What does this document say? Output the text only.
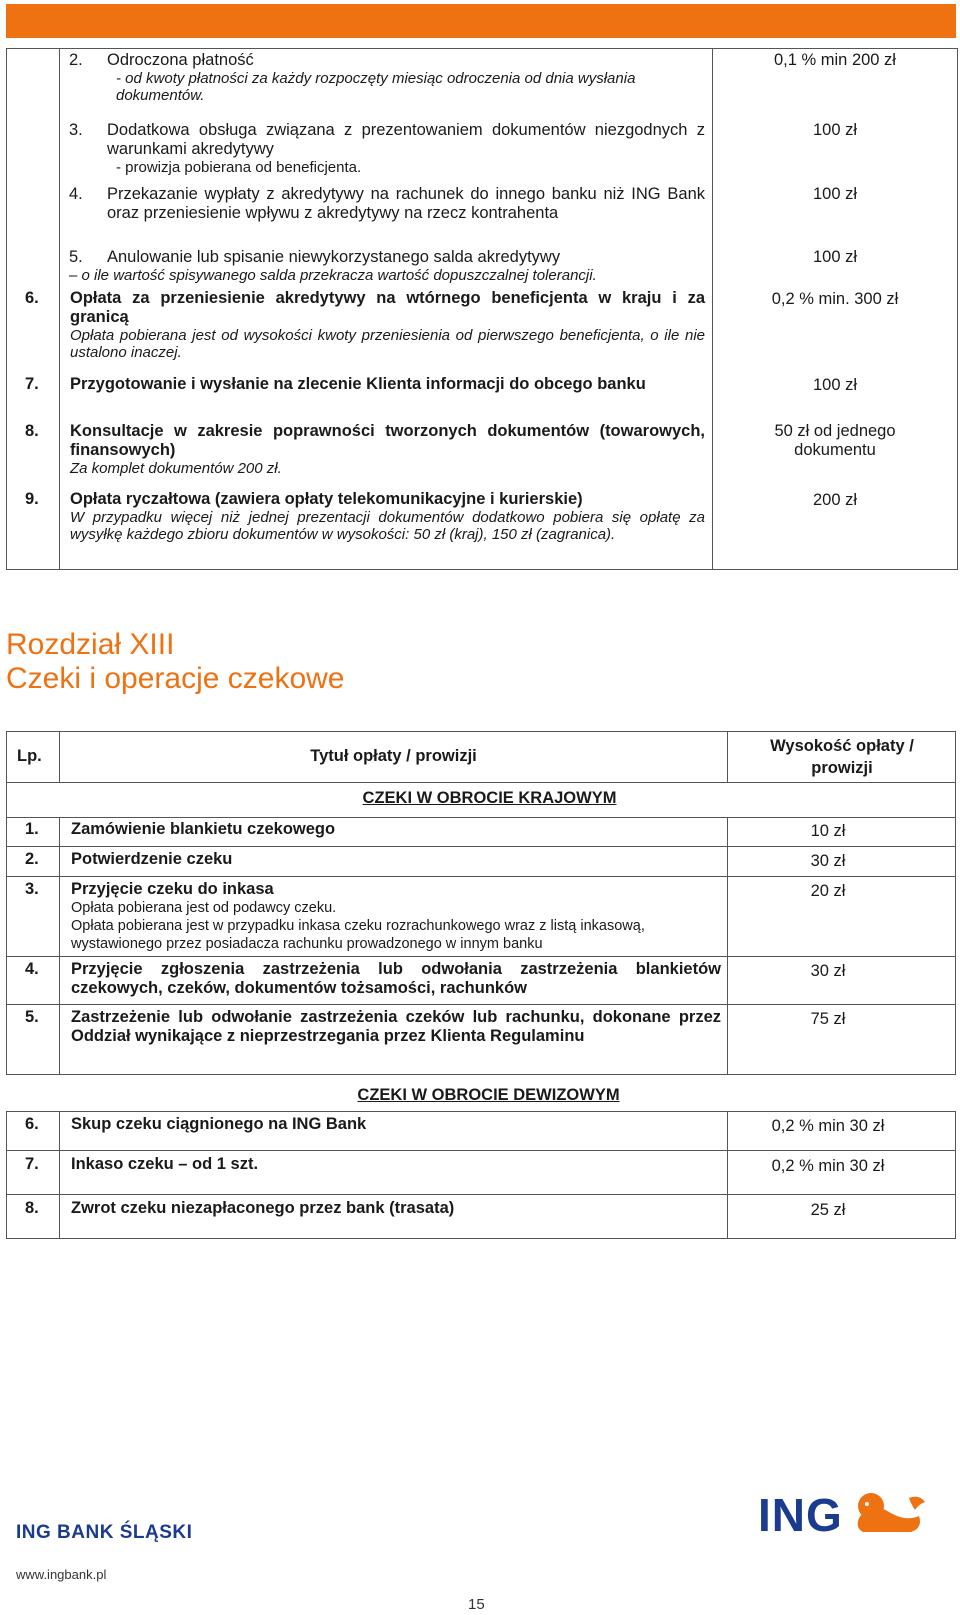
2. Odroczona płatność
- od kwoty płatności za każdy rozpoczęty miesiąc odroczenia od dnia wysłania dokumentów.
0,1 % min 200 zł
3.	Dodatkowa obsługa związana z prezentowaniem dokumentów niezgodnych z warunkami akredytywy
- prowizja pobierana od beneficjenta.
100 zł
4.	Przekazanie wypłaty z akredytywy na rachunek do innego banku niż ING Bank oraz przeniesienie wpływu z akredytywy na rzecz kontrahenta
100 zł
5.	Anulowanie lub spisanie niewykorzystanego salda akredytywy
– o ile wartość spisywanego salda przekracza wartość dopuszczalnej tolerancji.
100 zł
6.	Opłata za przeniesienie akredytywy na wtórnego beneficjenta w kraju i za granicą
Opłata pobierana jest od wysokości kwoty przeniesienia od pierwszego beneficjenta, o ile nie ustalono inaczej.
0,2 % min. 300 zł
7.	Przygotowanie i wysłanie na zlecenie Klienta informacji do obcego banku	100 zł
8.	Konsultacje w zakresie poprawności tworzonych dokumentów (towarowych, finansowych)
Za komplet dokumentów 200 zł.
50 zł od jednego dokumentu
9.	Opłata ryczałtowa (zawiera opłaty telekomunikacyjne i kurierskie)
W przypadku więcej niż jednej prezentacji dokumentów dodatkowo pobiera się opłatę za wysyłkę każdego zbioru dokumentów w wysokości: 50 zł (kraj), 150 zł (zagranica).
200 zł
Rozdział XIII
Czeki i operacje czekowe
Lp.	Tytuł opłaty / prowizji
Wysokość opłaty / prowizji
CZEKI W OBROCIE KRAJOWYM
1. Zamówienie blankietu czekowego	10 zł
2. Potwierdzenie czeku	30 zł
3. Przyjęcie czeku do inkasa
Opłata pobierana jest od podawcy czeku.
Opłata pobierana jest w przypadku inkasa czeku rozrachunkowego wraz z listą inkasową, wystawionego przez posiadacza rachunku prowadzonego w innym banku
20 zł
4. Przyjęcie zgłoszenia zastrzeżenia lub odwołania zastrzeżenia blankietów czekowych, czeków, dokumentów tożsamości, rachunków
30 zł
5. Zastrzeżenie lub odwołanie zastrzeżenia czeków lub rachunku, dokonane przez Oddział wynikające z nieprzestrzegania przez Klienta Regulaminu
75 zł
CZEKI W OBROCIE DEWIZOWYM
6. Skup czeku ciągnionego na ING Bank	0,2 % min 30 zł
7. Inkaso czeku – od 1 szt.	0,2 % min 30 zł
8. Zwrot czeku niezapłaconego przez bank (trasata)	25 zł
ING BANK ŚLĄSKI
www.ingbank.pl
ING
15
